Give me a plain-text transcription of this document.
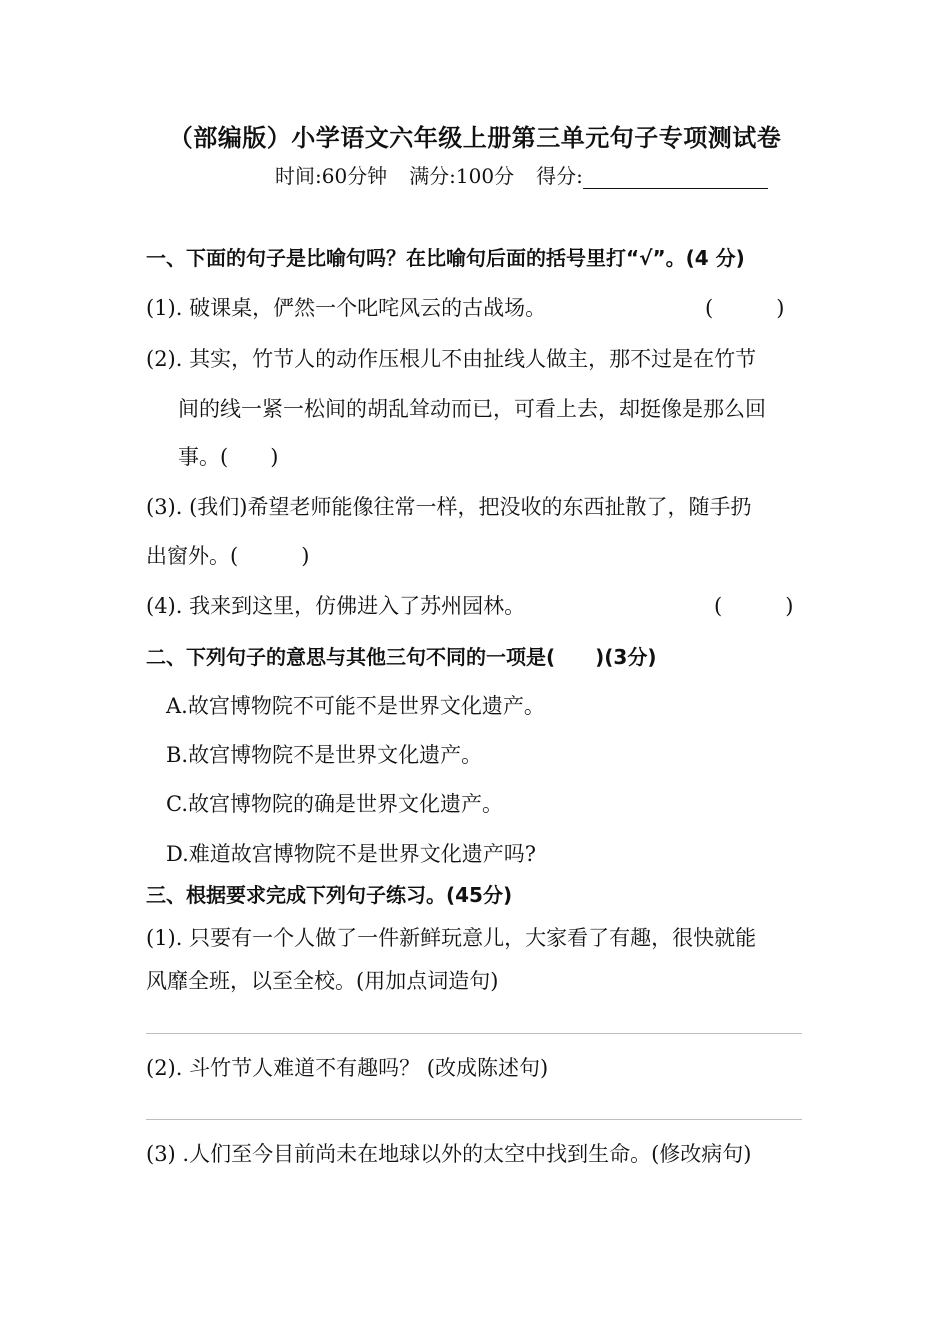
（部编版）小学语文六年级上册第三单元句子专项测试卷
时间:60分钟 满分:100分 得分:
一、下面的句子是比喻句吗？在比喻句后面的括号里打“√”。(4 分)
(1). 破课桌，俨然一个叱咤风云的古战场。	(　　　)
(2). 其实，竹节人的动作压根儿不由扯线人做主，那不过是在竹节
间的线一紧一松间的胡乱耸动而已，可看上去，却挺像是那么回
事。(　　)
(3). (我们)希望老师能像往常一样，把没收的东西扯散了，随手扔
出窗外。(　　　)
(4). 我来到这里，仿佛进入了苏州园林。	(　　　)
二、下列句子的意思与其他三句不同的一项是(　　)(3分)
A.故宫博物院不可能不是世界文化遗产。
B.故宫博物院不是世界文化遗产。
C.故宫博物院的确是世界文化遗产。
D.难道故宫博物院不是世界文化遗产吗?
三、根据要求完成下列句子练习。(45分)
(1). 只要有一个人做了一件新鲜玩意儿，大家看了有趣，很快就能
风靡全班，以至全校。(用加点词造句)
(2). 斗竹节人难道不有趣吗？ (改成陈述句)
(3) .人们至今目前尚未在地球以外的太空中找到生命。(修改病句)
